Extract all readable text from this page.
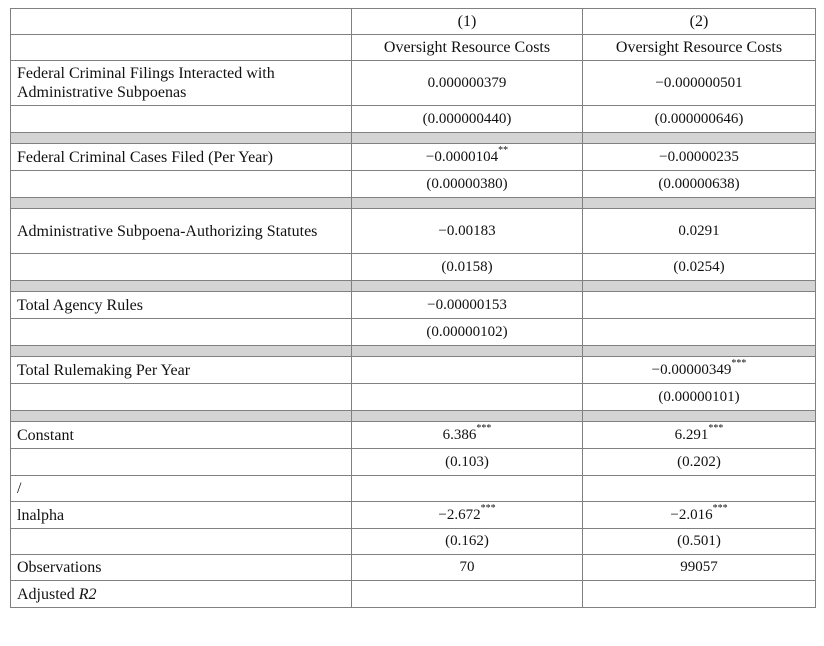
	(1)	(2)
	Oversight Resource Costs	Oversight Resource Costs
Federal Criminal Filings Interacted with Administrative Subpoenas	0.000000379	−0.000000501
	(0.000000440)	(0.000000646)

Federal Criminal Cases Filed (Per Year)	−0.0000104**	−0.00000235
	(0.00000380)	(0.00000638)

Administrative Subpoena-Authorizing Statutes	−0.00183	0.0291
	(0.0158)	(0.0254)

Total Agency Rules	−0.00000153	
	(0.00000102)	

Total Rulemaking Per Year		−0.00000349***
		(0.00000101)

Constant	6.386***	6.291***
	(0.103)	(0.202)
/		
lnalpha	−2.672***	−2.016***
	(0.162)	(0.501)
Observations	70	99057
Adjusted R2		
